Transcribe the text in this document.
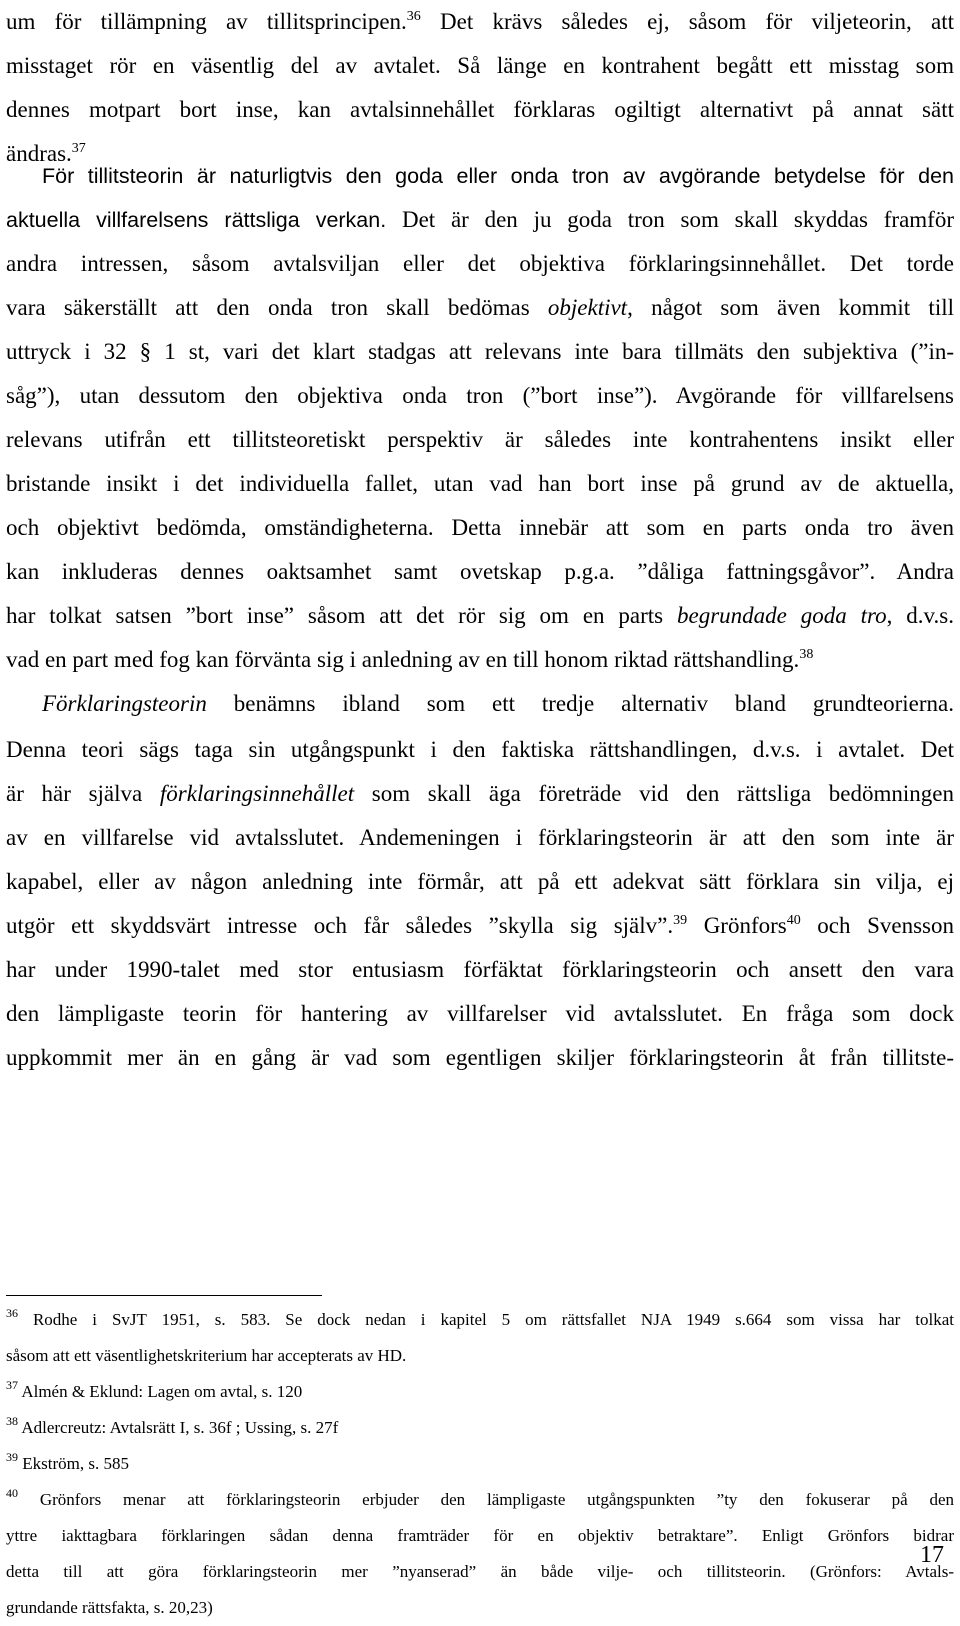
um för tillämpning av tillitsprincipen.$^{36}$ Det krävs således ej, såsom för viljeteorin, att
misstaget rör en väsentlig del av avtalet. Så länge en kontrahent begått ett misstag som
dennes motpart bort inse, kan avtalsinnehållet förklaras ogiltigt alternativt på annat sätt
ändras.$^{37}$

För tillitsteorin är naturligtvis den goda eller onda tron av avgörande betydelse för den
aktuella villfarelsens rättsliga verkan. Det är den ju goda tron som skall skyddas framför
andra intressen, såsom avtalsviljan eller det objektiva förklaringsinnehållet. Det torde
vara säkerställt att den onda tron skall bedömas objektivt, något som även kommit till
uttryck i 32 § 1 st, vari det klart stadgas att relevans inte bara tillmäts den subjektiva (”in-
såg”), utan dessutom den objektiva onda tron (”bort inse”). Avgörande för villfarelsens
relevans utifrån ett tillitsteoretiskt perspektiv är således inte kontrahentens insikt eller
bristande insikt i det individuella fallet, utan vad han bort inse på grund av de aktuella,
och objektivt bedömda, omständigheterna. Detta innebär att som en parts onda tro även
kan inkluderas dennes oaktsamhet samt ovetskap p.g.a. ”dåliga fattningsgåvor”. Andra
har tolkat satsen ”bort inse” såsom att det rör sig om en parts begrundade goda tro, d.v.s.
vad en part med fog kan förvänta sig i anledning av en till honom riktad rättshandling.$^{38}$
Förklaringsteorin benämns ibland som ett tredje alternativ bland grundteorierna.

Denna teori sägs taga sin utgångspunkt i den faktiska rättshandlingen, d.v.s. i avtalet. Det
är här själva förklaringsinnehållet som skall äga företräde vid den rättsliga bedömningen
av en villfarelse vid avtalsslutet. Andemeningen i förklaringsteorin är att den som inte är
kapabel, eller av någon anledning inte förmår, att på ett adekvat sätt förklara sin vilja, ej
utgör ett skyddsvärt intresse och får således ”skylla sig själv”.$^{39}$ Grönfors$^{40}$ och Svensson
har under 1990-talet med stor entusiasm förfäktat förklaringsteorin och ansett den vara
den lämpligaste teorin för hantering av villfarelser vid avtalsslutet. En fråga som dock
uppkommit mer än en gång är vad som egentligen skiljer förklaringsteorin åt från tillitste-

$^{36}$ Rodhe i SvJT 1951, s. 583. Se dock nedan i kapitel 5 om rättsfallet NJA 1949 s.664 som vissa har tolkat
såsom att ett väsentlighetskriterium har accepterats av HD.
$^{37}$ Almén & Eklund: Lagen om avtal, s. 120
$^{38}$ Adlercreutz: Avtalsrätt I, s. 36f ; Ussing, s. 27f
$^{39}$ Ekström, s. 585
$^{40}$ Grönfors menar att förklaringsteorin erbjuder den lämpligaste utgångspunkten ”ty den fokuserar på den
yttre iakttagbara förklaringen sådan denna framträder för en objektiv betraktare”. Enligt Grönfors bidrar
detta till att göra förklaringsteorin mer ”nyanserad” än både vilje- och tillitsteorin. (Grönfors: Avtals-
grundande rättsfakta, s. 20,23)
17
